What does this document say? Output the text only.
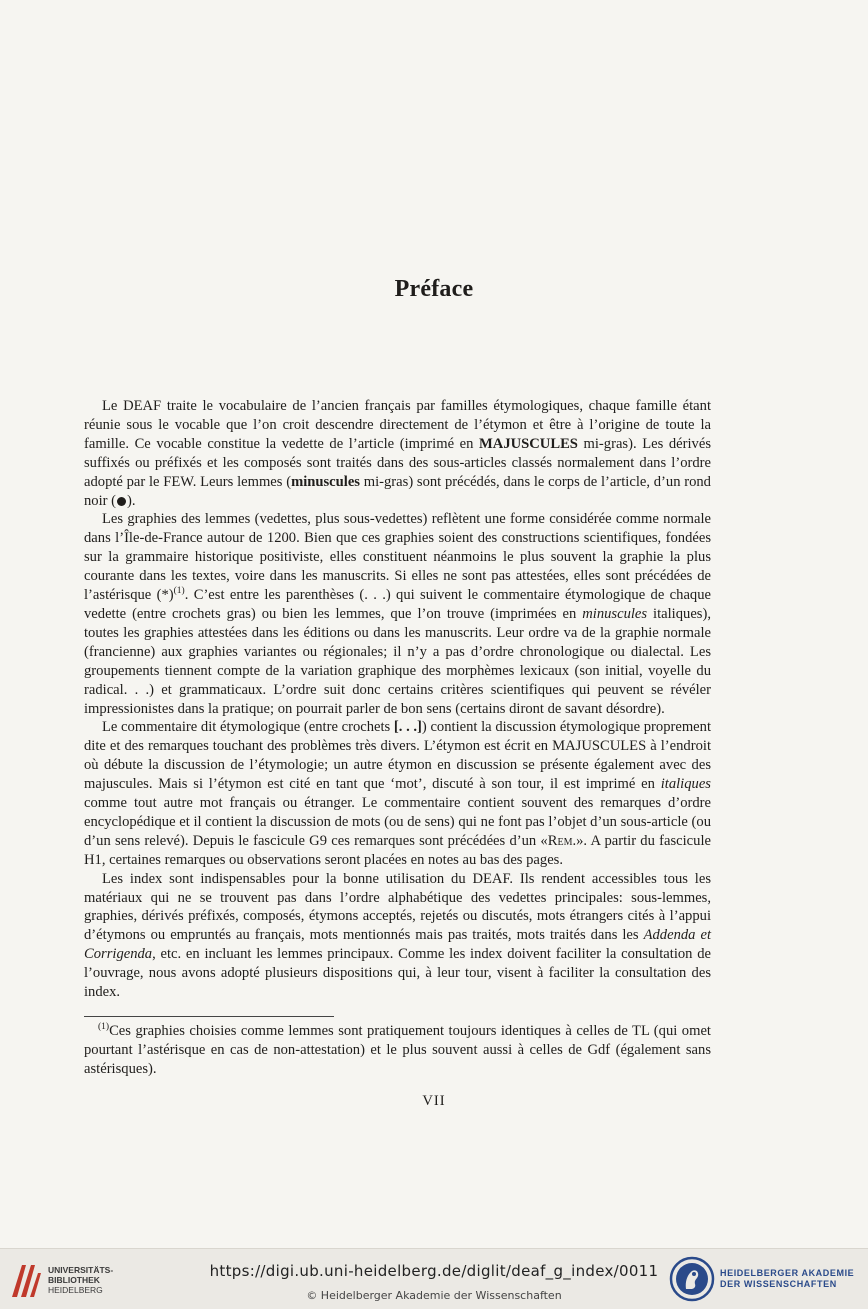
Préface

Le DEAF traite le vocabulaire de l’ancien français par familles étymologiques, chaque famille étant réunie sous le vocable que l’on croit descendre directement de l’étymon et être à l’origine de toute la famille. Ce vocable constitue la vedette de l’article (imprimé en MAJUSCULES mi-gras). Les dérivés suffixés ou préfixés et les composés sont traités dans des sous-articles classés normalement dans l’ordre adopté par le FEW. Leurs lemmes (minuscules mi-gras) sont précédés, dans le corps de l’article, d’un rond noir ( ).

Les graphies des lemmes (vedettes, plus sous-vedettes) reflètent une forme considérée comme normale dans l’Île-de-France autour de 1200. Bien que ces graphies soient des constructions scientifiques, fondées sur la grammaire historique positiviste, elles constituent néanmoins le plus souvent la graphie la plus courante dans les textes, voire dans les manuscrits. Si elles ne sont pas attestées, elles sont précédées de l’astérisque $(*)^{(1)}$. C’est entre les parenthèses (. . .) qui suivent le commentaire étymologique de chaque vedette (entre crochets gras) ou bien les lemmes, que l’on trouve (imprimées en minuscules italiques), toutes les graphies attestées dans les éditions ou dans les manuscrits. Leur ordre va de la graphie normale (francienne) aux graphies variantes ou régionales; il n’y a pas d’ordre chronologique ou dialectal. Les groupements tiennent compte de la variation graphique des morphèmes lexicaux (son initial, voyelle du radical. . .) et grammaticaux. L’ordre suit donc certains critères scientifiques qui peuvent se révéler impressionistes dans la pratique; on pourrait parler de bon sens (certains diront de savant désordre).

Le commentaire dit étymologique (entre crochets [. . .]) contient la discussion étymologique proprement dite et des remarques touchant des problèmes très divers. L’étymon est écrit en MAJUSCULES à l’endroit où débute la discussion de l’étymologie; un autre étymon en discussion se présente également avec des majuscules. Mais si l’étymon est cité en tant que ‘mot’, discuté à son tour, il est imprimé en italiques comme tout autre mot français ou étranger. Le commentaire contient souvent des remarques d’ordre encyclopédique et il contient la discussion de mots (ou de sens) qui ne font pas l’objet d’un sous-article (ou d’un sens relevé). Depuis le fascicule G9 ces remarques sont précédées d’un «Rem.». A partir du fascicule H1, certaines remarques ou observations seront placées en notes au bas des pages.

Les index sont indispensables pour la bonne utilisation du DEAF. Ils rendent accessibles tous les matériaux qui ne se trouvent pas dans l’ordre alphabétique des vedettes principales: sous-lemmes, graphies, dérivés préfixés, composés, étymons acceptés, rejetés ou discutés, mots étrangers cités à l’appui d’étymons ou empruntés au français, mots mentionnés mais pas traités, mots traités dans les Addenda et Corrigenda, etc. en incluant les lemmes principaux. Comme les index doivent faciliter la consultation de l’ouvrage, nous avons adopté plusieurs dispositions qui, à leur tour, visent à faciliter la consultation des index.

$^{(1)}$Ces graphies choisies comme lemmes sont pratiquement toujours identiques à celles de TL (qui omet pourtant l’astérisque en cas de non-attestation) et le plus souvent aussi à celles de Gdf (également sans astérisques).
VII
UNIVERSITÄTS-
BIBLIOTHEK
HEIDELBERG
https://digi.ub.uni-heidelberg.de/diglit/deaf_g_index/0011
© Heidelberger Akademie der Wissenschaften
HEIDELBERGER AKADEMIE
DER WISSENSCHAFTEN
